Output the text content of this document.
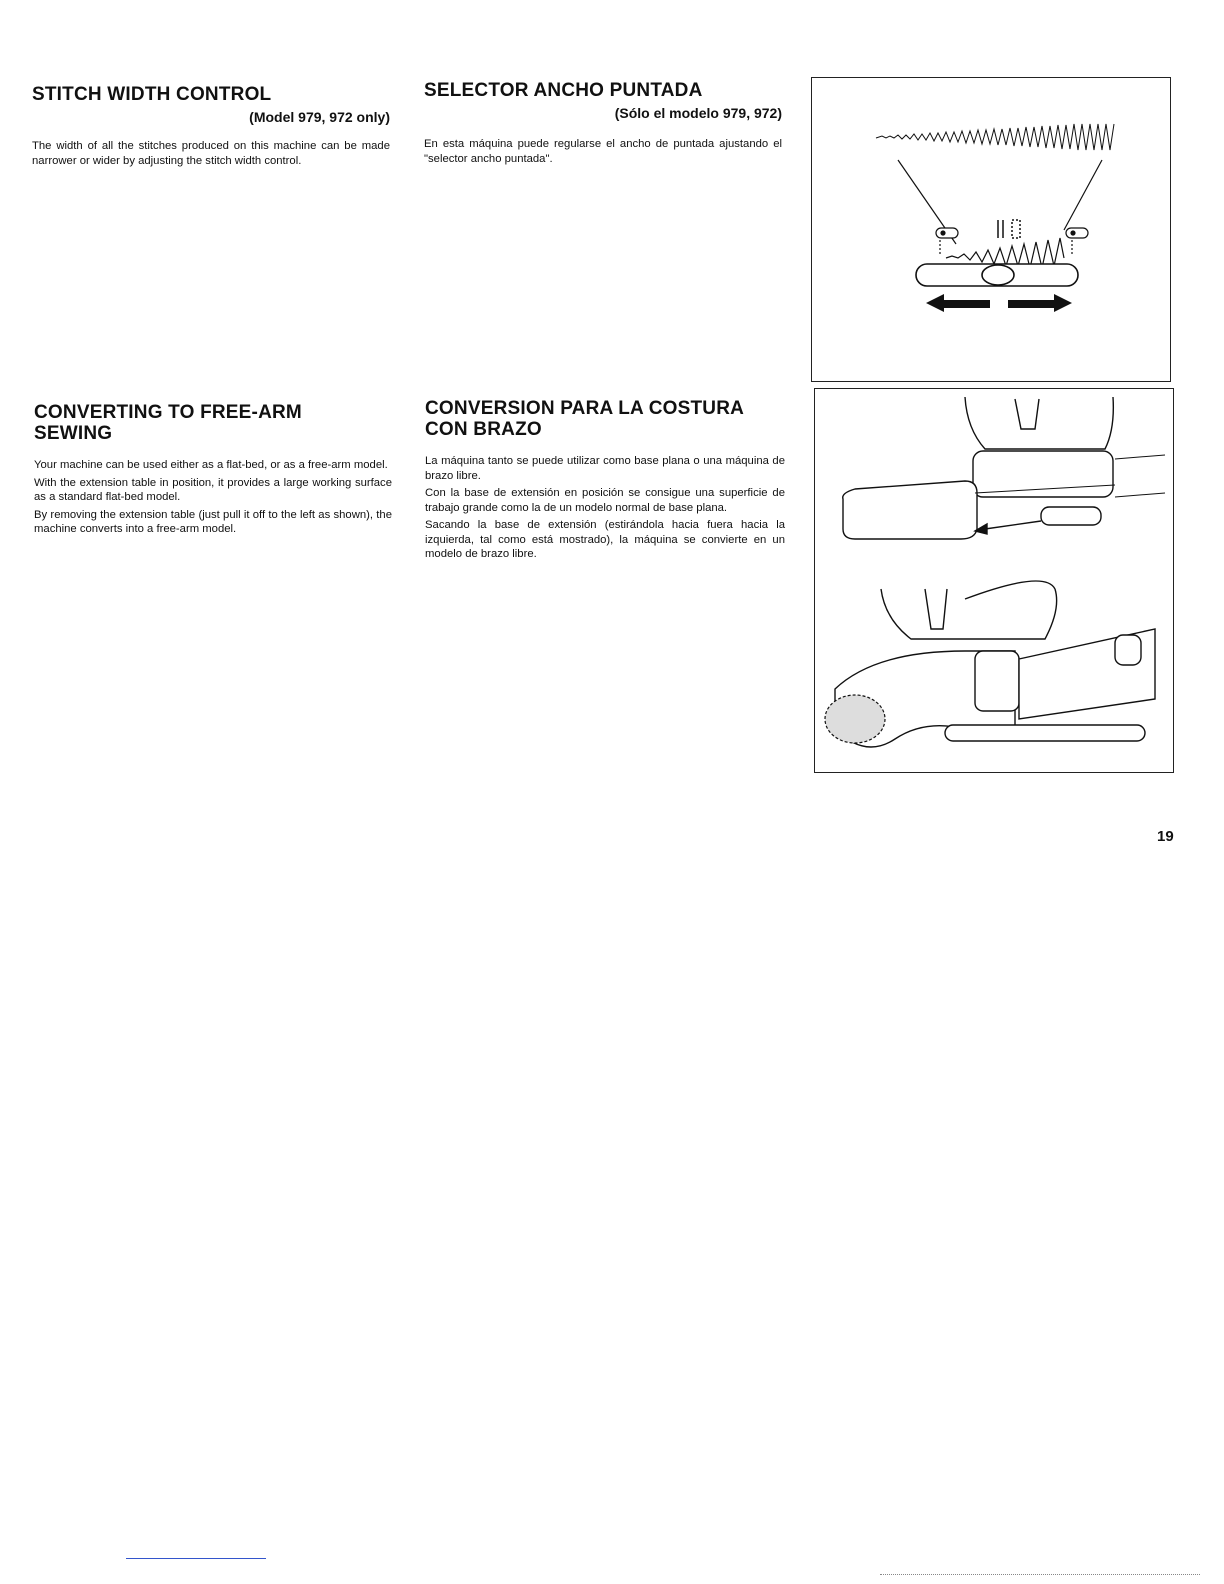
STITCH WIDTH CONTROL
(Model 979, 972 only)

The width of all the stitches produced on this machine can be made narrower or wider by adjusting the stitch width control.

SELECTOR ANCHO PUNTADA
(Sólo el modelo 979, 972)

En esta máquina puede regularse el ancho de puntada ajustando el "selector ancho puntada".

CONVERTING TO FREE-ARM
SEWING

Your machine can be used either as a flat-bed, or as a free-arm model.

With the extension table in position, it provides a large working surface as a standard flat-bed model.

By removing the extension table (just pull it off to the left as shown), the machine converts into a free-arm model.

CONVERSION PARA LA COSTURA
CON BRAZO

La máquina tanto se puede utilizar como base plana o una máquina de brazo libre.

Con la base de extensión en posición se consigue una superficie de trabajo grande como la de un modelo normal de base plana.

Sacando la base de extensión (estirándola hacia fuera hacia la izquierda, tal como está mostrado), la máquina se convierte en un modelo de brazo libre.

19
